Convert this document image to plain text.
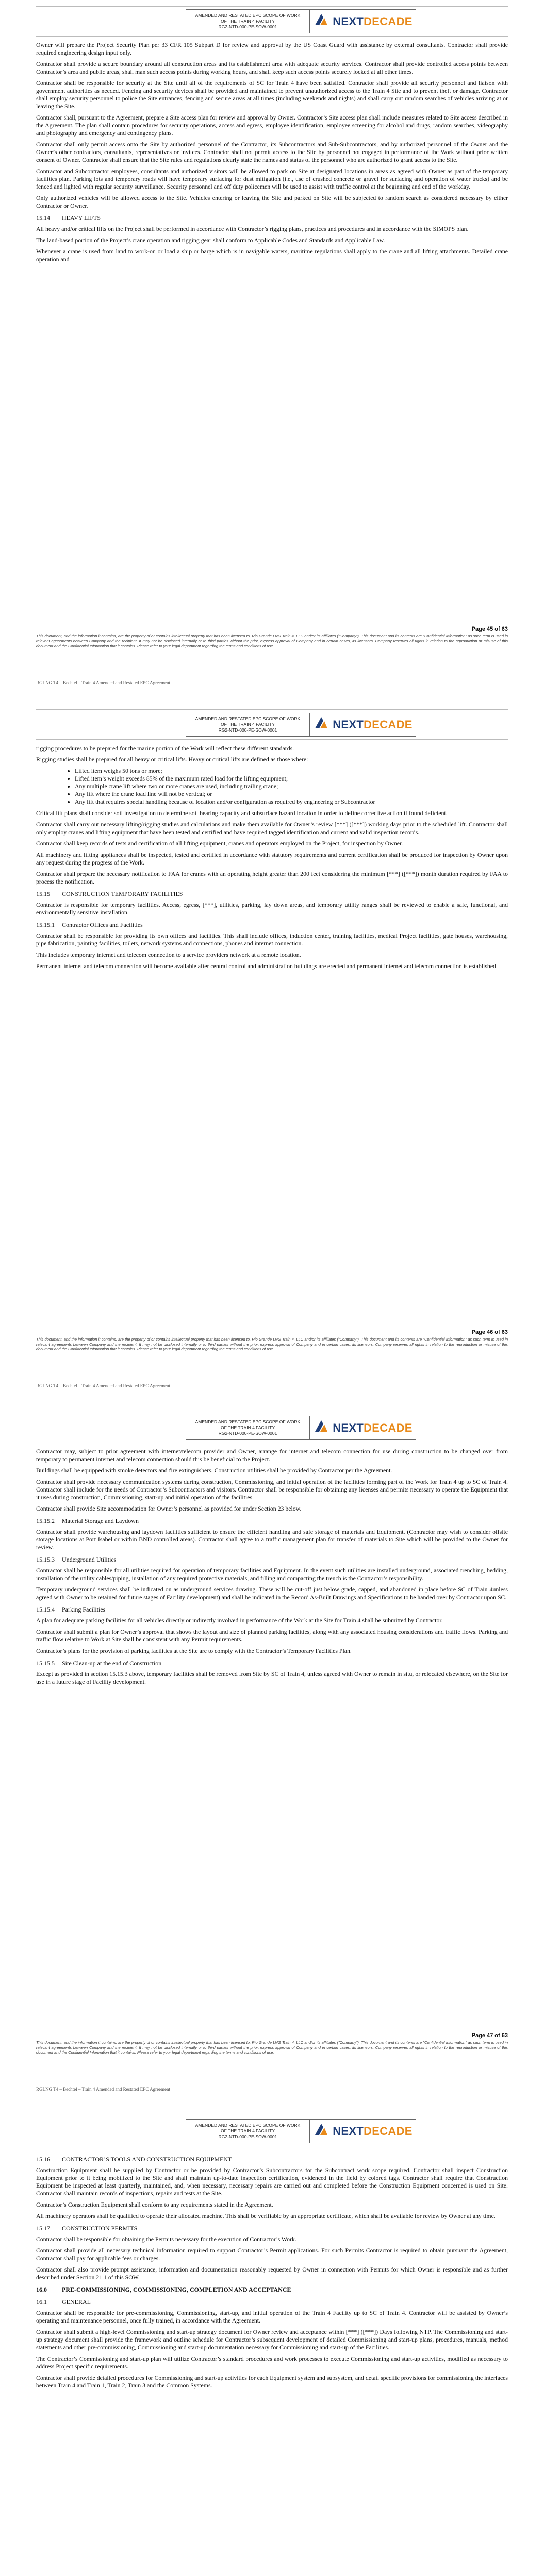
AMENDED AND RESTATED EPC SCOPE OF WORK
OF THE TRAIN 4 FACILITY
RG2-NTD-000-PE-SOW-0001	NEXTDECADE

Owner will prepare the Project Security Plan per 33 CFR 105 Subpart D for review and approval by the US Coast Guard with assistance by external consultants. Contractor shall provide required engineering design input only.

Contractor shall provide a secure boundary around all construction areas and its establishment area with adequate security services. Contractor shall provide controlled access points between Contractor’s area and public areas, shall man such access points during working hours, and shall keep such access points securely locked at all other times.

Contractor shall be responsible for security at the Site until all of the requirements of SC for Train 4 have been satisfied. Contractor shall provide all security personnel and liaison with government authorities as needed. Fencing and security devices shall be provided and maintained to prevent unauthorized access to the Train 4 Site and to prevent theft or damage. Contractor shall employ security personnel to police the Site entrances, fencing and secure areas at all times (including weekends and nights) and shall carry out random searches of vehicles arriving at or leaving the Site.

Contractor shall, pursuant to the Agreement, prepare a Site access plan for review and approval by Owner. Contractor’s Site access plan shall include measures related to Site access described in the Agreement. The plan shall contain procedures for security operations, access and egress, employee identification, employee screening for alcohol and drugs, random searches, videography and photography and emergency and contingency plans.

Contractor shall only permit access onto the Site by authorized personnel of the Contractor, its Subcontractors and Sub-Subcontractors, and by authorized personnel of the Owner and the Owner’s other contractors, consultants, representatives or invitees. Contractor shall not permit access to the Site by personnel not engaged in performance of the Work without prior written consent of Owner. Contractor shall ensure that the Site rules and regulations clearly state the names and status of the personnel who are authorized to grant access to the Site.

Contractor and Subcontractor employees, consultants and authorized visitors will be allowed to park on Site at designated locations in areas as agreed with Owner as part of the temporary facilities plan. Parking lots and temporary roads will have temporary surfacing for dust mitigation (i.e., use of crushed concrete or gravel for surfacing and operation of water trucks) and be fenced and lighted with regular security surveillance. Security personnel and off duty policemen will be used to assist with traffic control at the beginning and end of the workday.

Only authorized vehicles will be allowed access to the Site. Vehicles entering or leaving the Site and parked on Site will be subjected to random search as considered necessary by either Contractor or Owner.

15.14	HEAVY LIFTS

All heavy and/or critical lifts on the Project shall be performed in accordance with Contractor’s rigging plans, practices and procedures and in accordance with the SIMOPS plan.

The land-based portion of the Project’s crane operation and rigging gear shall conform to Applicable Codes and Standards and Applicable Law.

Whenever a crane is used from land to work-on or load a ship or barge which is in navigable waters, maritime regulations shall apply to the crane and all lifting attachments. Detailed crane operation and

Page 45 of 63
This document, and the information it contains, are the property of or contains intellectual property that has been licensed to, Rio Grande LNG Train 4, LLC and/or its affiliates ("Company"). This document and its contents are "Confidential Information" as such term is used in relevant agreements between Company and the recipient. It may not be disclosed internally or to third parties without the prior, express approval of Company and in certain cases, its licensors. Company reserves all rights in relation to the reproduction or misuse of this document and the Confidential Information that it contains. Please refer to your legal department regarding the terms and conditions of use.
RGLNG T4 – Bechtel – Train 4 Amended and Restated EPC Agreement
AMENDED AND RESTATED EPC SCOPE OF WORK
OF THE TRAIN 4 FACILITY
RG2-NTD-000-PE-SOW-0001	NEXTDECADE

rigging procedures to be prepared for the marine portion of the Work will reflect these different standards.

Rigging studies shall be prepared for all heavy or critical lifts. Heavy or critical lifts are defined as those where:

• Lifted item weighs 50 tons or more;
• Lifted item’s weight exceeds 85% of the maximum rated load for the lifting equipment;
• Any multiple crane lift where two or more cranes are used, including trailing crane;
• Any lift where the crane load line will not be vertical; or
• Any lift that requires special handling because of location and/or configuration as required by engineering or Subcontractor

Critical lift plans shall consider soil investigation to determine soil bearing capacity and subsurface hazard location in order to define corrective action if found deficient.

Contractor shall carry out necessary lifting/rigging studies and calculations and make them available for Owner’s review [***] ([***]) working days prior to the scheduled lift. Contractor shall only employ cranes and lifting equipment that have been tested and certified and have required tagged identification and current and valid inspection records.

Contractor shall keep records of tests and certification of all lifting equipment, cranes and operators employed on the Project, for inspection by Owner.

All machinery and lifting appliances shall be inspected, tested and certified in accordance with statutory requirements and current certification shall be produced for inspection by Owner upon any request during the progress of the Work.

Contractor shall prepare the necessary notification to FAA for cranes with an operating height greater than 200 feet considering the minimum [***] ([***]) month duration required by FAA to process the notification.

15.15	CONSTRUCTION TEMPORARY FACILITIES

Contractor is responsible for temporary facilities. Access, egress, [***], utilities, parking, lay down areas, and temporary utility ranges shall be reviewed to enable a safe, functional, and environmentally sensitive installation.

15.15.1	Contractor Offices and Facilities

Contractor shall be responsible for providing its own offices and facilities. This shall include offices, induction center, training facilities, medical Project facilities, gate houses, warehousing, pipe fabrication, painting facilities, toilets, network systems and connections, phones and internet connection.

This includes temporary internet and telecom connection to a service providers network at a remote location.

Permanent internet and telecom connection will become available after central control and administration buildings are erected and permanent internet and telecom connection is established.

Page 46 of 63
This document, and the information it contains, are the property of or contains intellectual property that has been licensed to, Rio Grande LNG Train 4, LLC and/or its affiliates ("Company"). This document and its contents are "Confidential Information" as such term is used in relevant agreements between Company and the recipient. It may not be disclosed internally or to third parties without the prior, express approval of Company and in certain cases, its licensors. Company reserves all rights in relation to the reproduction or misuse of this document and the Confidential Information that it contains. Please refer to your legal department regarding the terms and conditions of use.
RGLNG T4 – Bechtel – Train 4 Amended and Restated EPC Agreement
AMENDED AND RESTATED EPC SCOPE OF WORK
OF THE TRAIN 4 FACILITY
RG2-NTD-000-PE-SOW-0001	NEXTDECADE

Contractor may, subject to prior agreement with internet/telecom provider and Owner, arrange for internet and telecom connection for use during construction to be changed over from temporary to permanent internet and telecom connection should this be beneficial to the Project.

Buildings shall be equipped with smoke detectors and fire extinguishers. Construction utilities shall be provided by Contractor per the Agreement.

Contractor shall provide necessary communication systems during construction, Commissioning, and initial operation of the facilities forming part of the Work for Train 4 up to SC of Train 4. Contractor shall include for the needs of Contractor’s Subcontractors and visitors. Contractor shall be responsible for obtaining any licenses and permits necessary to operate the Equipment that it uses during construction, Commissioning, start-up and initial operation of the facilities.

Contractor shall provide Site accommodation for Owner’s personnel as provided for under Section 23 below.

15.15.2	Material Storage and Laydown

Contractor shall provide warehousing and laydown facilities sufficient to ensure the efficient handling and safe storage of materials and Equipment. (Contractor may wish to consider offsite storage locations at Port Isabel or within BND controlled areas). Contractor shall agree to a traffic management plan for transfer of materials to Site which will be provided to the Owner for review.

15.15.3	Underground Utilities

Contractor shall be responsible for all utilities required for operation of temporary facilities and Equipment. In the event such utilities are installed underground, associated trenching, bedding, installation of the utility cables/piping, installation of any required protective materials, and filling and compacting the trench is the Contractor’s responsibility.

Temporary underground services shall be indicated on as underground services drawing. These will be cut-off just below grade, capped, and abandoned in place before SC of Train 4unless agreed with Owner to be retained for future stages of Facility development) and shall be indicated in the Record As-Built Drawings and Specifications to be handed over by Contractor upon SC.

15.15.4	Parking Facilities

A plan for adequate parking facilities for all vehicles directly or indirectly involved in performance of the Work at the Site for Train 4 shall be submitted by Contractor.

Contractor shall submit a plan for Owner’s approval that shows the layout and size of planned parking facilities, along with any associated housing considerations and traffic flows. Parking and traffic flow relative to Work at Site shall be consistent with any Permit requirements.

Contractor’s plans for the provision of parking facilities at the Site are to comply with the Contractor’s Temporary Facilities Plan.

15.15.5	Site Clean-up at the end of Construction

Except as provided in section 15.15.3 above, temporary facilities shall be removed from Site by SC of Train 4, unless agreed with Owner to remain in situ, or relocated elsewhere, on the Site for use in a future stage of Facility development.

Page 47 of 63
This document, and the information it contains, are the property of or contains intellectual property that has been licensed to, Rio Grande LNG Train 4, LLC and/or its affiliates ("Company"). This document and its contents are "Confidential Information" as such term is used in relevant agreements between Company and the recipient. It may not be disclosed internally or to third parties without the prior, express approval of Company and in certain cases, its licensors. Company reserves all rights in relation to the reproduction or misuse of this document and the Confidential Information that it contains. Please refer to your legal department regarding the terms and conditions of use.
RGLNG T4 – Bechtel – Train 4 Amended and Restated EPC Agreement
AMENDED AND RESTATED EPC SCOPE OF WORK
OF THE TRAIN 4 FACILITY
RG2-NTD-000-PE-SOW-0001	NEXTDECADE
15.16	CONTRACTOR’S TOOLS AND CONSTRUCTION EQUIPMENT

Construction Equipment shall be supplied by Contractor or be provided by Contractor’s Subcontractors for the Subcontract work scope required. Contractor shall inspect Construction Equipment prior to it being mobilized to the Site and shall maintain up-to-date inspection certification, evidenced in the field by colored tags. Contractor shall require that Construction Equipment be inspected at least quarterly, maintained, and, when necessary, necessary repairs are carried out and completed before the Construction Equipment concerned is used on Site. Contractor shall maintain records of inspections, repairs and tests at the Site.

Contractor’s Construction Equipment shall conform to any requirements stated in the Agreement.

All machinery operators shall be qualified to operate their allocated machine. This shall be verifiable by an appropriate certificate, which shall be available for review by Owner at any time.

15.17	CONSTRUCTION PERMITS

Contractor shall be responsible for obtaining the Permits necessary for the execution of Contractor’s Work.

Contractor shall provide all necessary technical information required to support Contractor’s Permit applications. For such Permits Contractor is required to obtain pursuant the Agreement, Contractor shall pay for applicable fees or charges.

Contractor shall also provide prompt assistance, information and documentation reasonably requested by Owner in connection with Permits for which Owner is responsible and as further described under Section 21.1 of this SOW.

16.0	PRE-COMMISSIONING, COMMISSIONING, COMPLETION AND ACCEPTANCE
16.1	GENERAL

Contractor shall be responsible for pre-commissioning, Commissioning, start-up, and initial operation of the Train 4 Facility up to SC of Train 4. Contractor will be assisted by Owner’s operating and maintenance personnel, once fully trained, in accordance with the Agreement.

Contractor shall submit a high-level Commissioning and start-up strategy document for Owner review and acceptance within [***] ([***]) Days following NTP. The Commissioning and start-up strategy document shall provide the framework and outline schedule for Contractor’s subsequent development of detailed Commissioning and start-up plans, procedures, manuals, method statements and other pre-commissioning, Commissioning and start-up documentation necessary for Commissioning and start-up of the Facilities.

The Contractor’s Commissioning and start-up plan will utilize Contractor’s standard procedures and work processes to execute Commissioning and start-up activities, modified as necessary to address Project specific requirements.

Contractor shall provide detailed procedures for Commissioning and start-up activities for each Equipment system and subsystem, and detail specific provisions for commissioning the interfaces between Train 4 and Train 1, Train 2, Train 3 and the Common Systems.
